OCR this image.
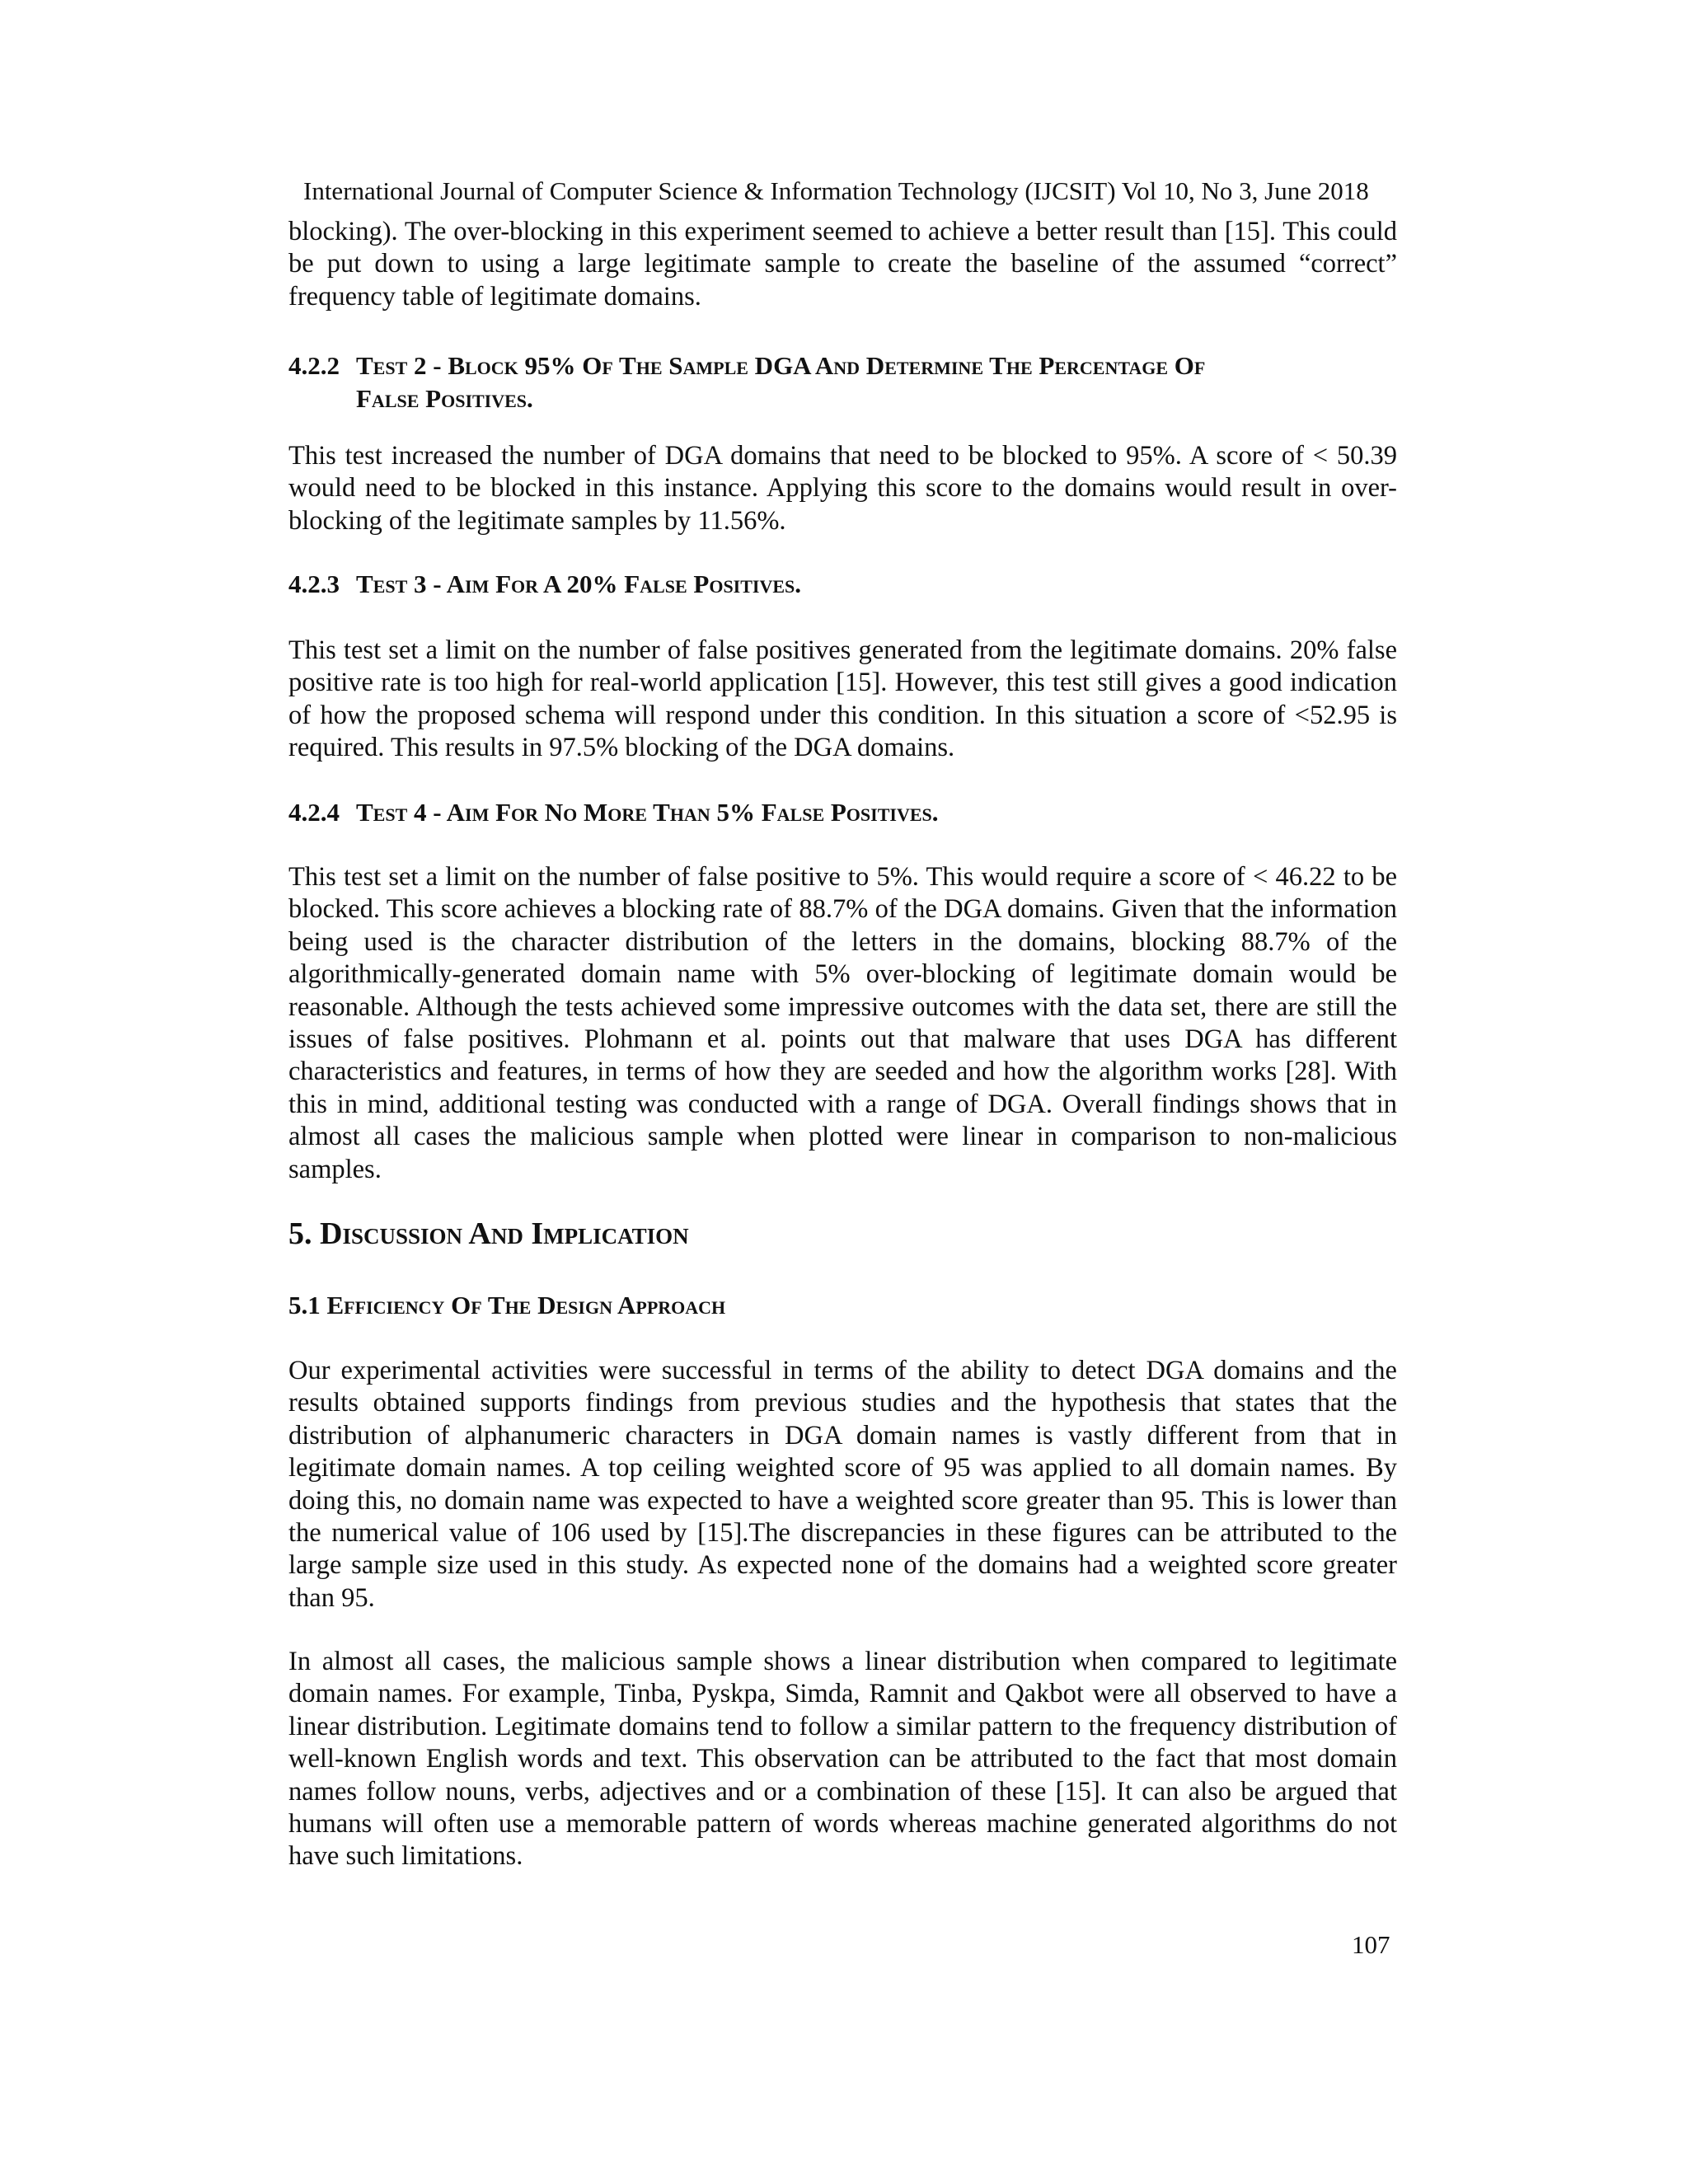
International Journal of Computer Science & Information Technology (IJCSIT) Vol 10, No 3, June 2018
blocking). The over-blocking in this experiment seemed to achieve a better result than [15]. This could be put down to using a large legitimate sample to create the baseline of the assumed “correct” frequency table of legitimate domains.
4.2.2 Test 2 - Block 95% Of The Sample DGA And Determine The Percentage Of
False Positives.
This test increased the number of DGA domains that need to be blocked to 95%. A score of < 50.39 would need to be blocked in this instance. Applying this score to the domains would result in over-blocking of the legitimate samples by 11.56%.
4.2.3 Test 3 - Aim For A 20% False Positives.
This test set a limit on the number of false positives generated from the legitimate domains. 20% false positive rate is too high for real-world application [15]. However, this test still gives a good indication of how the proposed schema will respond under this condition. In this situation a score of <52.95 is required. This results in 97.5% blocking of the DGA domains.
4.2.4 Test 4 - Aim For No More Than 5% False Positives.
This test set a limit on the number of false positive to 5%. This would require a score of < 46.22 to be blocked. This score achieves a blocking rate of 88.7% of the DGA domains. Given that the information being used is the character distribution of the letters in the domains, blocking 88.7% of the algorithmically-generated domain name with 5% over-blocking of legitimate domain would be reasonable. Although the tests achieved some impressive outcomes with the data set, there are still the issues of false positives. Plohmann et al. points out that malware that uses DGA has different characteristics and features, in terms of how they are seeded and how the algorithm works [28]. With this in mind, additional testing was conducted with a range of DGA. Overall findings shows that in almost all cases the malicious sample when plotted were linear in comparison to non-malicious samples.
5. Discussion And Implication
5.1 Efficiency Of The Design Approach
Our experimental activities were successful in terms of the ability to detect DGA domains and the results obtained supports findings from previous studies and the hypothesis that states that the distribution of alphanumeric characters in DGA domain names is vastly different from that in legitimate domain names. A top ceiling weighted score of 95 was applied to all domain names. By doing this, no domain name was expected to have a weighted score greater than 95. This is lower than the numerical value of 106 used by [15].The discrepancies in these figures can be attributed to the large sample size used in this study. As expected none of the domains had a weighted score greater than 95.
In almost all cases, the malicious sample shows a linear distribution when compared to legitimate domain names. For example, Tinba, Pyskpa, Simda, Ramnit and Qakbot were all observed to have a linear distribution. Legitimate domains tend to follow a similar pattern to the frequency distribution of well-known English words and text. This observation can be attributed to the fact that most domain names follow nouns, verbs, adjectives and or a combination of these [15]. It can also be argued that humans will often use a memorable pattern of words whereas machine generated algorithms do not have such limitations.
107
